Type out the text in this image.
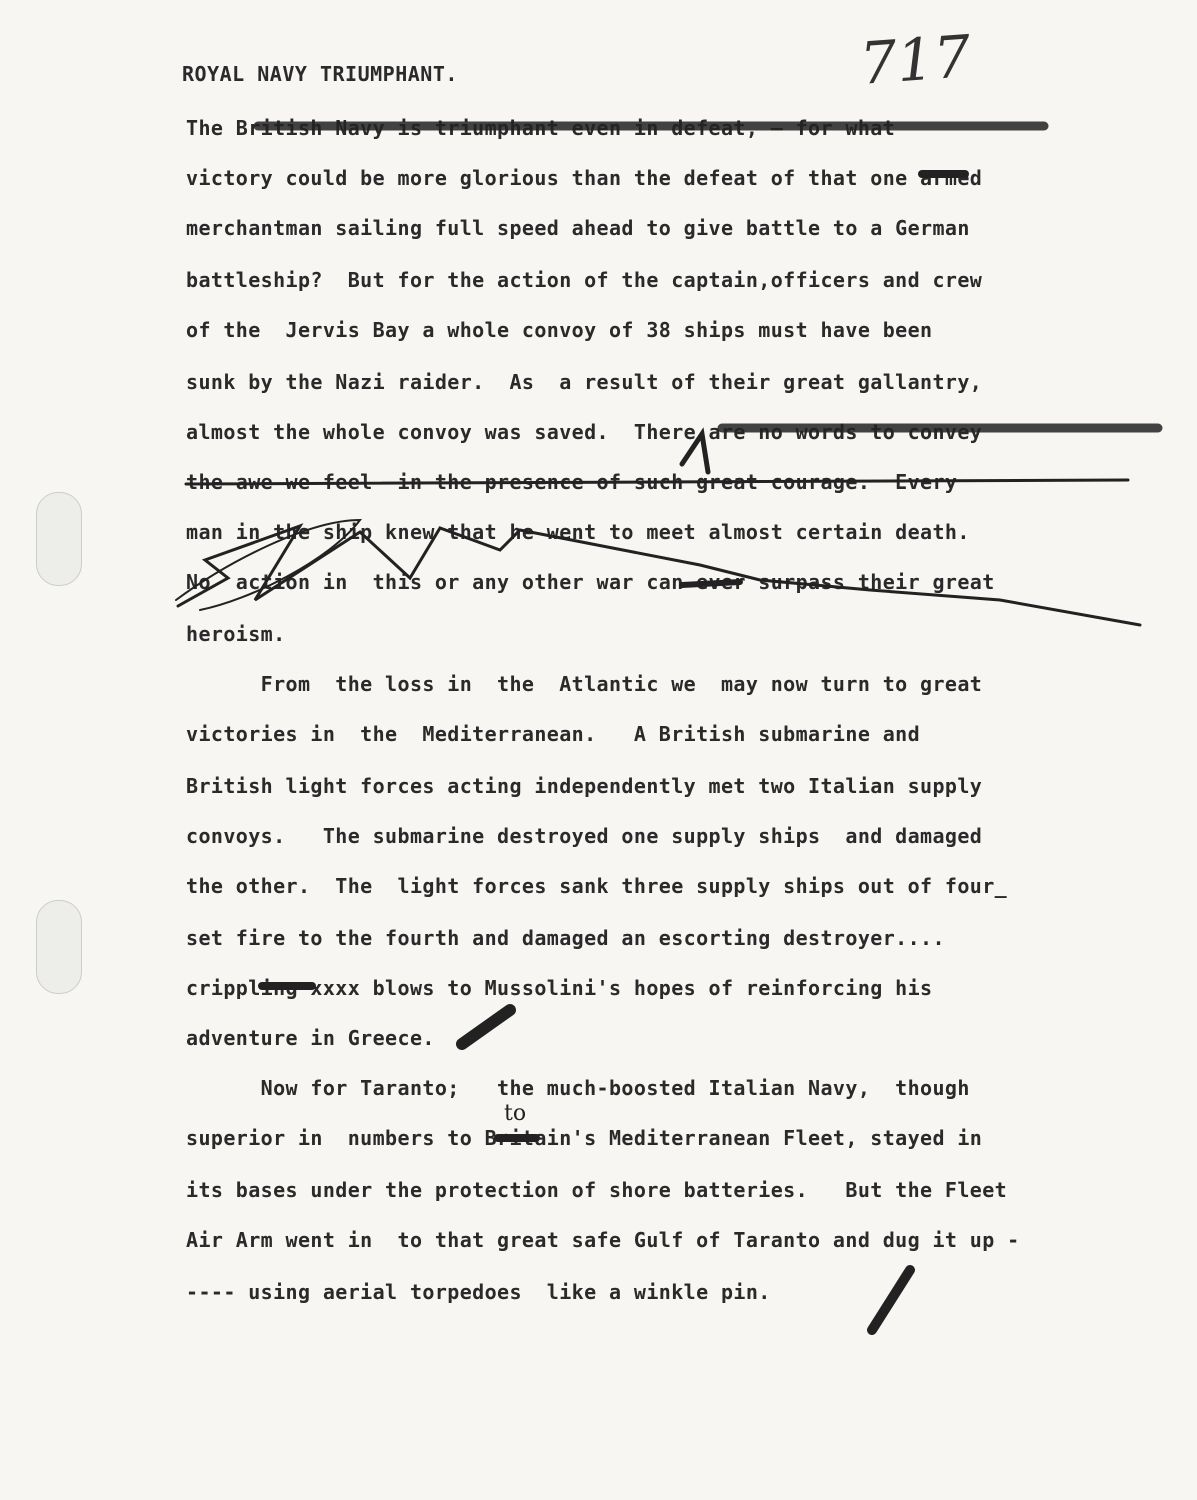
ROYAL NAVY TRIUMPHANT.	717
The British Navy is triumphant even in defeat, — for what
victory could be more glorious than the defeat of that one armed
merchantman sailing full speed ahead to give battle to a German
battleship?  But for the action of the captain,officers and crew
of the  Jervis Bay a whole convoy of 38 ships must have been
sunk by the Nazi raider.  As  a result of their great gallantry,
almost the whole convoy was saved.  There are no words to convey
the awe we feel  in the presence of such great courage.  Every
man in the ship knew that he went to meet almost certain death.
No  action in  this or any other war can ever surpass their great
heroism.
From  the loss in  the  Atlantic we  may now turn to great
victories in  the  Mediterranean.   A British submarine and
British light forces acting independently met two Italian supply
convoys.   The submarine destroyed one supply ships  and damaged
the other.  The  light forces sank three supply ships out of four_
set fire to the fourth and damaged an escorting destroyer....
crippling xxxx blows to Mussolini's hopes of reinforcing his
adventure in Greece.
Now for Taranto;   the much-boosted Italian Navy,  though
superior in  numbers to Britain's Mediterranean Fleet, stayed in
its bases under the protection of shore batteries.   But the Fleet
Air Arm went in  to that great safe Gulf of Taranto and dug it up -
---- using aerial torpedoes  like a winkle pin.
to
